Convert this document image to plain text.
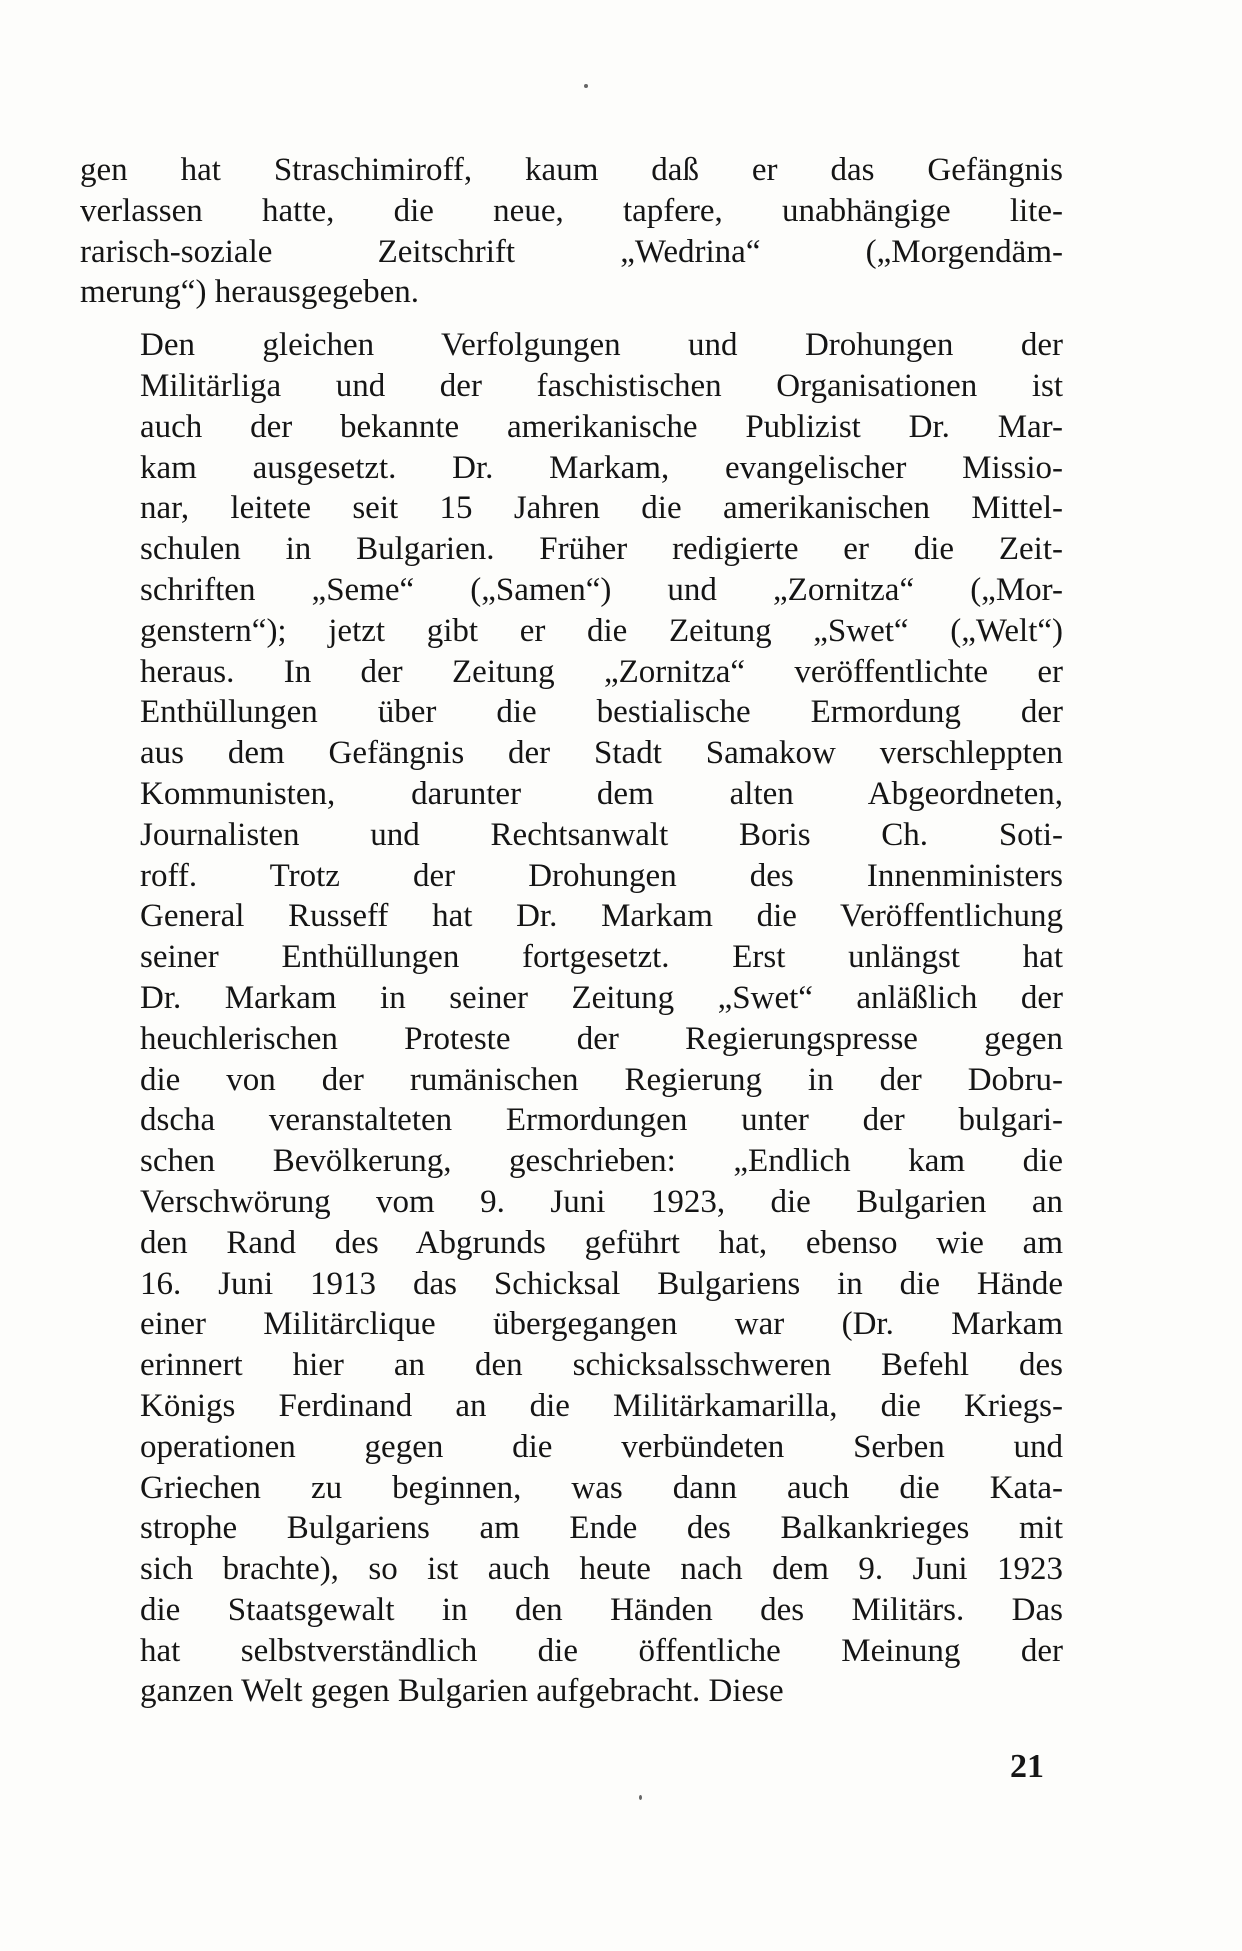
gen hat Straschimiroff, kaum daß er das Gefängnis
verlassen hatte, die neue, tapfere, unabhängige lite-
rarisch-soziale Zeitschrift „Wedrina“ („Morgendäm-
merung“) herausgegeben.

Den gleichen Verfolgungen und Drohungen der
Militärliga und der faschistischen Organisationen ist
auch der bekannte amerikanische Publizist Dr. Mar-
kam ausgesetzt. Dr. Markam, evangelischer Missio-
nar, leitete seit 15 Jahren die amerikanischen Mittel-
schulen in Bulgarien. Früher redigierte er die Zeit-
schriften „Seme“ („Samen“) und „Zornitza“ („Mor-
genstern“); jetzt gibt er die Zeitung „Swet“ („Welt“)
heraus. In der Zeitung „Zornitza“ veröffentlichte er
Enthüllungen über die bestialische Ermordung der
aus dem Gefängnis der Stadt Samakow verschleppten
Kommunisten, darunter dem alten Abgeordneten,
Journalisten und Rechtsanwalt Boris Ch. Soti-
roff. Trotz der Drohungen des Innenministers
General Russeff hat Dr. Markam die Veröffentlichung
seiner Enthüllungen fortgesetzt. Erst unlängst hat
Dr. Markam in seiner Zeitung „Swet“ anläßlich der
heuchlerischen Proteste der Regierungspresse gegen
die von der rumänischen Regierung in der Dobru-
dscha veranstalteten Ermordungen unter der bulgari-
schen Bevölkerung, geschrieben: „Endlich kam die
Verschwörung vom 9. Juni 1923, die Bulgarien an
den Rand des Abgrunds geführt hat, ebenso wie am
16. Juni 1913 das Schicksal Bulgariens in die Hände
einer Militärclique übergegangen war (Dr. Markam
erinnert hier an den schicksalsschweren Befehl des
Königs Ferdinand an die Militärkamarilla, die Kriegs-
operationen gegen die verbündeten Serben und
Griechen zu beginnen, was dann auch die Kata-
strophe Bulgariens am Ende des Balkankrieges mit
sich brachte), so ist auch heute nach dem 9. Juni 1923
die Staatsgewalt in den Händen des Militärs. Das
hat selbstverständlich die öffentliche Meinung der
ganzen Welt gegen Bulgarien aufgebracht. Diese

21
